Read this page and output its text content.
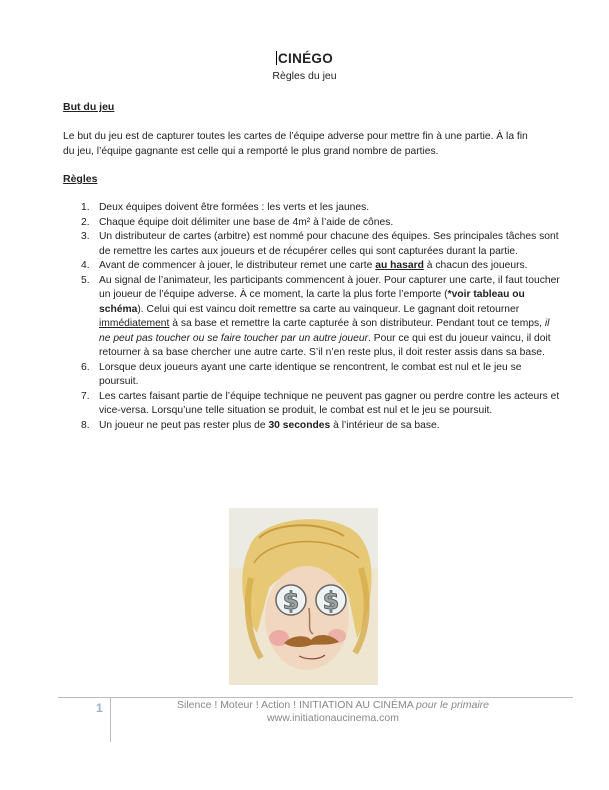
CINÉGO
Règles du jeu
But du jeu
Le but du jeu est de capturer toutes les cartes de l’équipe adverse pour mettre fin à une partie. À la fin du jeu, l’équipe gagnante est celle qui a remporté le plus grand nombre de parties.
Règles
1. Deux équipes doivent être formées : les verts et les jaunes.
2. Chaque équipe doit délimiter une base de 4m² à l’aide de cônes.
3. Un distributeur de cartes (arbitre) est nommé pour chacune des équipes. Ses principales tâches sont de remettre les cartes aux joueurs et de récupérer celles qui sont capturées durant la partie.
4. Avant de commencer à jouer, le distributeur remet une carte au hasard à chacun des joueurs.
5. Au signal de l’animateur, les participants commencent à jouer. Pour capturer une carte, il faut toucher un joueur de l’équipe adverse. À ce moment, la carte la plus forte l’emporte (*voir tableau ou schéma). Celui qui est vaincu doit remettre sa carte au vainqueur. Le gagnant doit retourner immédiatement à sa base et remettre la carte capturée à son distributeur. Pendant tout ce temps, il ne peut pas toucher ou se faire toucher par un autre joueur. Pour ce qui est du joueur vaincu, il doit retourner à sa base chercher une autre carte. S’il n’en reste plus, il doit rester assis dans sa base.
6. Lorsque deux joueurs ayant une carte identique se rencontrent, le combat est nul et le jeu se poursuit.
7. Les cartes faisant partie de l’équipe technique ne peuvent pas gagner ou perdre contre les acteurs et vice-versa. Lorsqu’une telle situation se produit, le combat est nul et le jeu se poursuit.
8. Un joueur ne peut pas rester plus de 30 secondes à l’intérieur de sa base.
$ $
1	Silence ! Moteur ! Action ! INITIATION AU CINÉMA pour le primaire
www.initiationaucinema.com
